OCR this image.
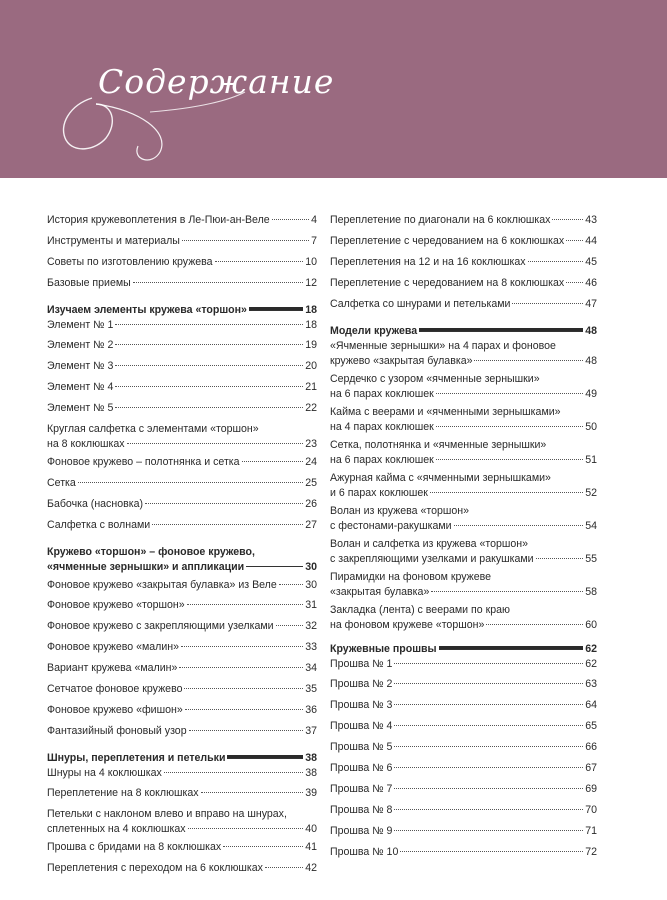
Содержание
История кружевоплетения в Ле-Пюи-ан-Веле	4
Инструменты и материалы	7
Советы по изготовлению кружева	10
Базовые приемы	12
Изучаем элементы кружева «торшон»	18
Элемент № 1	18
Элемент № 2	19
Элемент № 3	20
Элемент № 4	21
Элемент № 5	22
Круглая салфетка с элементами «торшон»
на 8 коклюшках	23
Фоновое кружево – полотнянка и сетка	24
Сетка	25
Бабочка (насновка)	26
Салфетка с волнами	27
Кружево «торшон» – фоновое кружево,
«ячменные зернышки» и аппликации	30
Фоновое кружево «закрытая булавка» из Веле	30
Фоновое кружево «торшон»	31
Фоновое кружево с закрепляющими узелками	32
Фоновое кружево «малин»	33
Вариант кружева «малин»	34
Сетчатое фоновое кружево	35
Фоновое кружево «фишон»	36
Фантазийный фоновый узор	37
Шнуры, переплетения и петельки	38
Шнуры на 4 коклюшках	38
Переплетение на 8 коклюшках	39
Петельки с наклоном влево и вправо на шнурах,
сплетенных на 4 коклюшках	40
Прошва с бридами на 8 коклюшках	41
Переплетения с переходом на 6 коклюшках	42
Переплетение по диагонали на 6 коклюшках	43
Переплетение с чередованием на 6 коклюшках 44
Переплетения на 12 и на 16 коклюшках	45
Переплетение с чередованием на 8 коклюшках 46
Салфетка со шнурами и петельками	47
Модели кружева	48
«Ячменные зернышки» на 4 парах и фоновое
кружево «закрытая булавка»	48
Сердечко с узором «ячменные зернышки»
на 6 парах коклюшек	49
Кайма с веерами и «ячменными зернышками»
на 4 парах коклюшек	50
Сетка, полотнянка и «ячменные зернышки»
на 6 парах коклюшек	51
Ажурная кайма с «ячменными зернышками»
и 6 парах коклюшек	52
Волан из кружева «торшон»
с фестонами-ракушками	54
Волан и салфетка из кружева «торшон»
с закрепляющими узелками и ракушками	55
Пирамидки на фоновом кружеве
«закрытая булавка»	58
Закладка (лента) с веерами по краю
на фоновом кружеве «торшон»	60
Кружевные прошвы	62
Прошва № 1	62
Прошва № 2	63
Прошва № 3	64
Прошва № 4	65
Прошва № 5	66
Прошва № 6	67
Прошва № 7	69
Прошва № 8	70
Прошва № 9	71
Прошва № 10	72
